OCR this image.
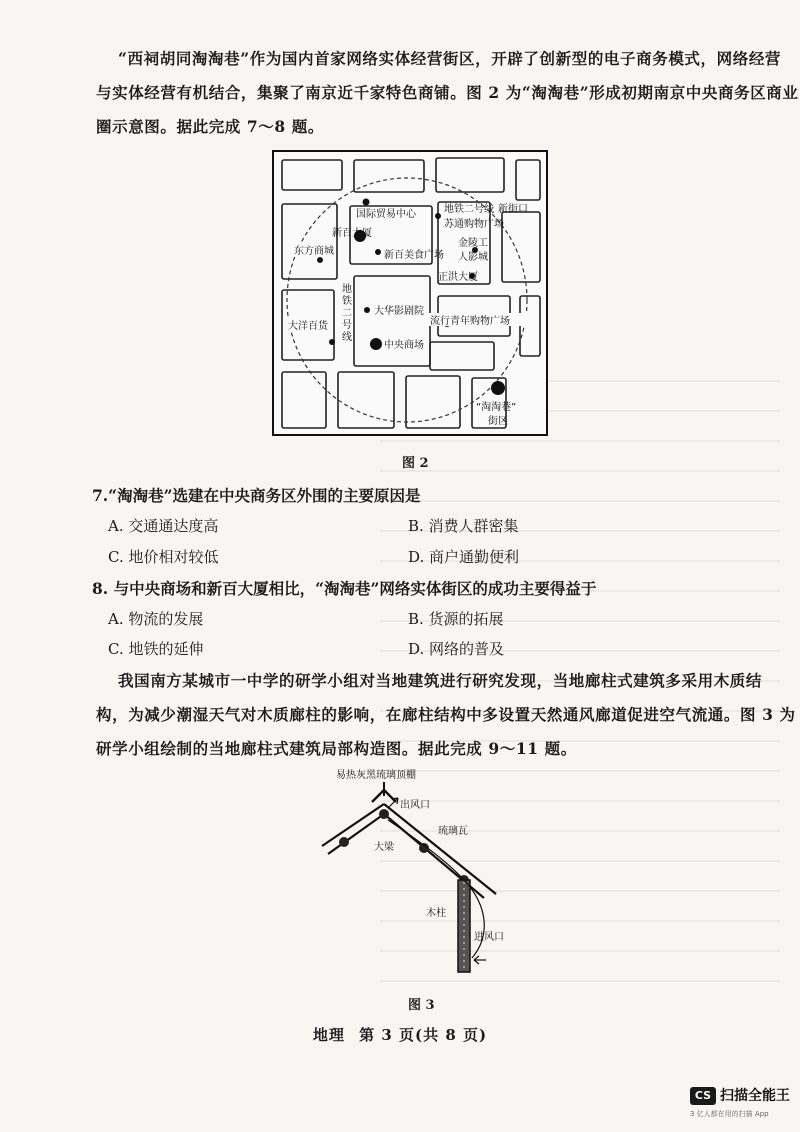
“西祠胡同淘淘巷”作为国内首家网络实体经营街区，开辟了创新型的电子商务模式，网络经营
与实体经营有机结合，集聚了南京近千家特色商铺。图 2 为“淘淘巷”形成初期南京中央商务区商业
圈示意图。据此完成 7～8 题。
国际贸易中心	地铁二号线
苏通购物广场
新百大厦
东方商城	新百美食广场
金陵工
人影城
正洪大厦
大华影剧院
中央商场
流行青年购物广场
大洋百货
“淘淘巷”
街区
地铁二号线
新街口
图 2
7.“淘淘巷”选建在中央商务区外围的主要原因是
A. 交通通达度高	B. 消费人群密集
C. 地价相对较低	D. 商户通勤便利
8. 与中央商场和新百大厦相比，“淘淘巷”网络实体街区的成功主要得益于
A. 物流的发展	B. 货源的拓展
C. 地铁的延伸	D. 网络的普及
我国南方某城市一中学的研学小组对当地建筑进行研究发现，当地廊柱式建筑多采用木质结
构，为减少潮湿天气对木质廊柱的影响，在廊柱结构中多设置天然通风廊道促进空气流通。图 3 为
研学小组绘制的当地廊柱式建筑局部构造图。据此完成 9～11 题。
易热灰黑琉璃顶棚
出风口
琉璃瓦
大梁
木柱
进风口
图 3
地理 第 3 页(共 8 页)
CS 扫描全能王
3 亿人都在用的扫描 App
